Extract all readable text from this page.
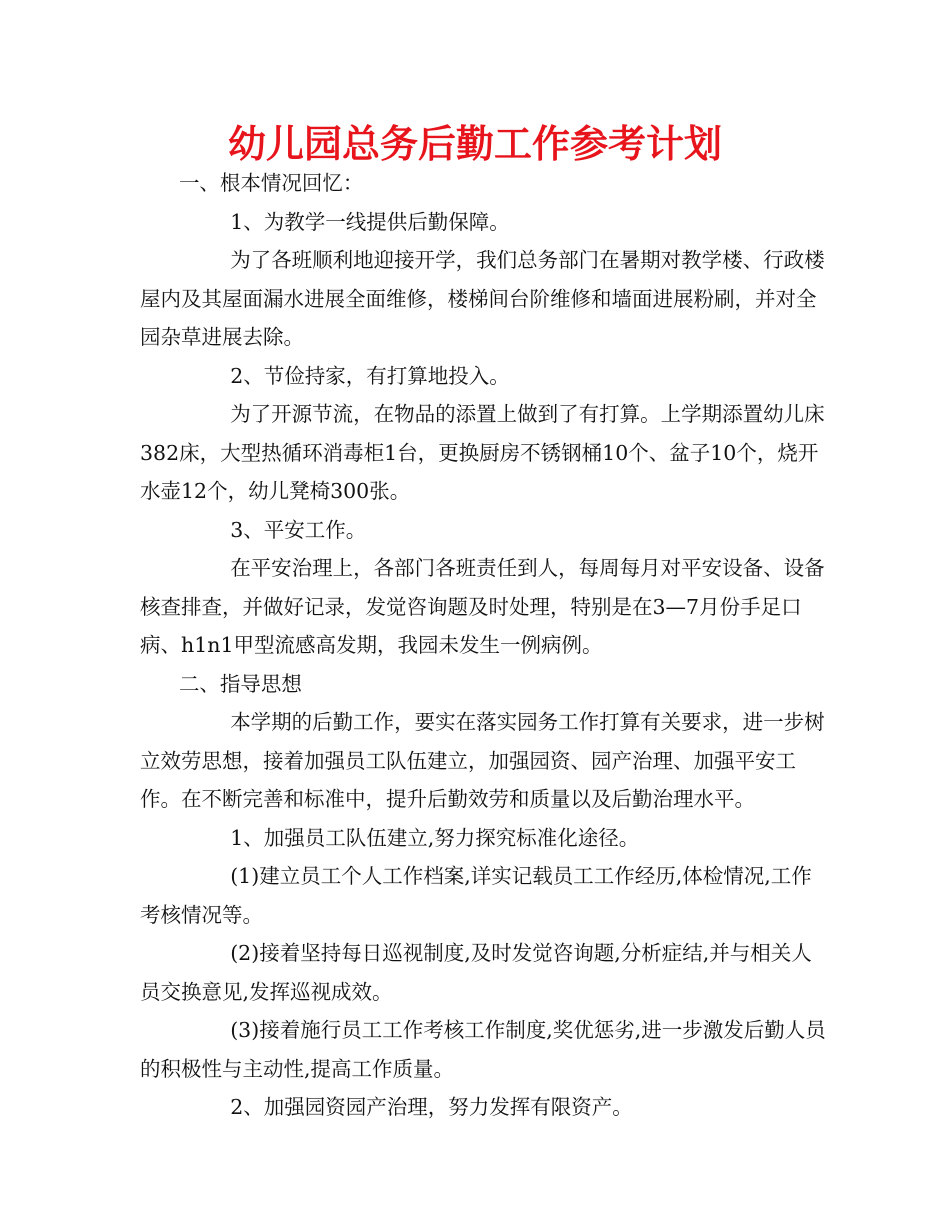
幼儿园总务后勤工作参考计划

一、根本情况回忆：

1、为教学一线提供后勤保障。

为了各班顺利地迎接开学，我们总务部门在暑期对教学楼、行政楼屋内及其屋面漏水进展全面维修，楼梯间台阶维修和墙面进展粉刷，并对全园杂草进展去除。

2、节俭持家，有打算地投入。

为了开源节流，在物品的添置上做到了有打算。上学期添置幼儿床382床，大型热循环消毒柜1台，更换厨房不锈钢桶10个、盆子10个，烧开水壶12个，幼儿凳椅300张。

3、平安工作。

在平安治理上，各部门各班责任到人，每周每月对平安设备、设备核查排查，并做好记录，发觉咨询题及时处理，特别是在3—7月份手足口病、h1n1甲型流感高发期，我园未发生一例病例。

二、指导思想

本学期的后勤工作，要实在落实园务工作打算有关要求，进一步树立效劳思想，接着加强员工队伍建立，加强园资、园产治理、加强平安工作。在不断完善和标准中，提升后勤效劳和质量以及后勤治理水平。

1、加强员工队伍建立,努力探究标准化途径。

(1)建立员工个人工作档案,详实记载员工工作经历,体检情况,工作考核情况等。

(2)接着坚持每日巡视制度,及时发觉咨询题,分析症结,并与相关人员交换意见,发挥巡视成效。

(3)接着施行员工工作考核工作制度,奖优惩劣,进一步激发后勤人员的积极性与主动性,提高工作质量。

2、加强园资园产治理，努力发挥有限资产。
